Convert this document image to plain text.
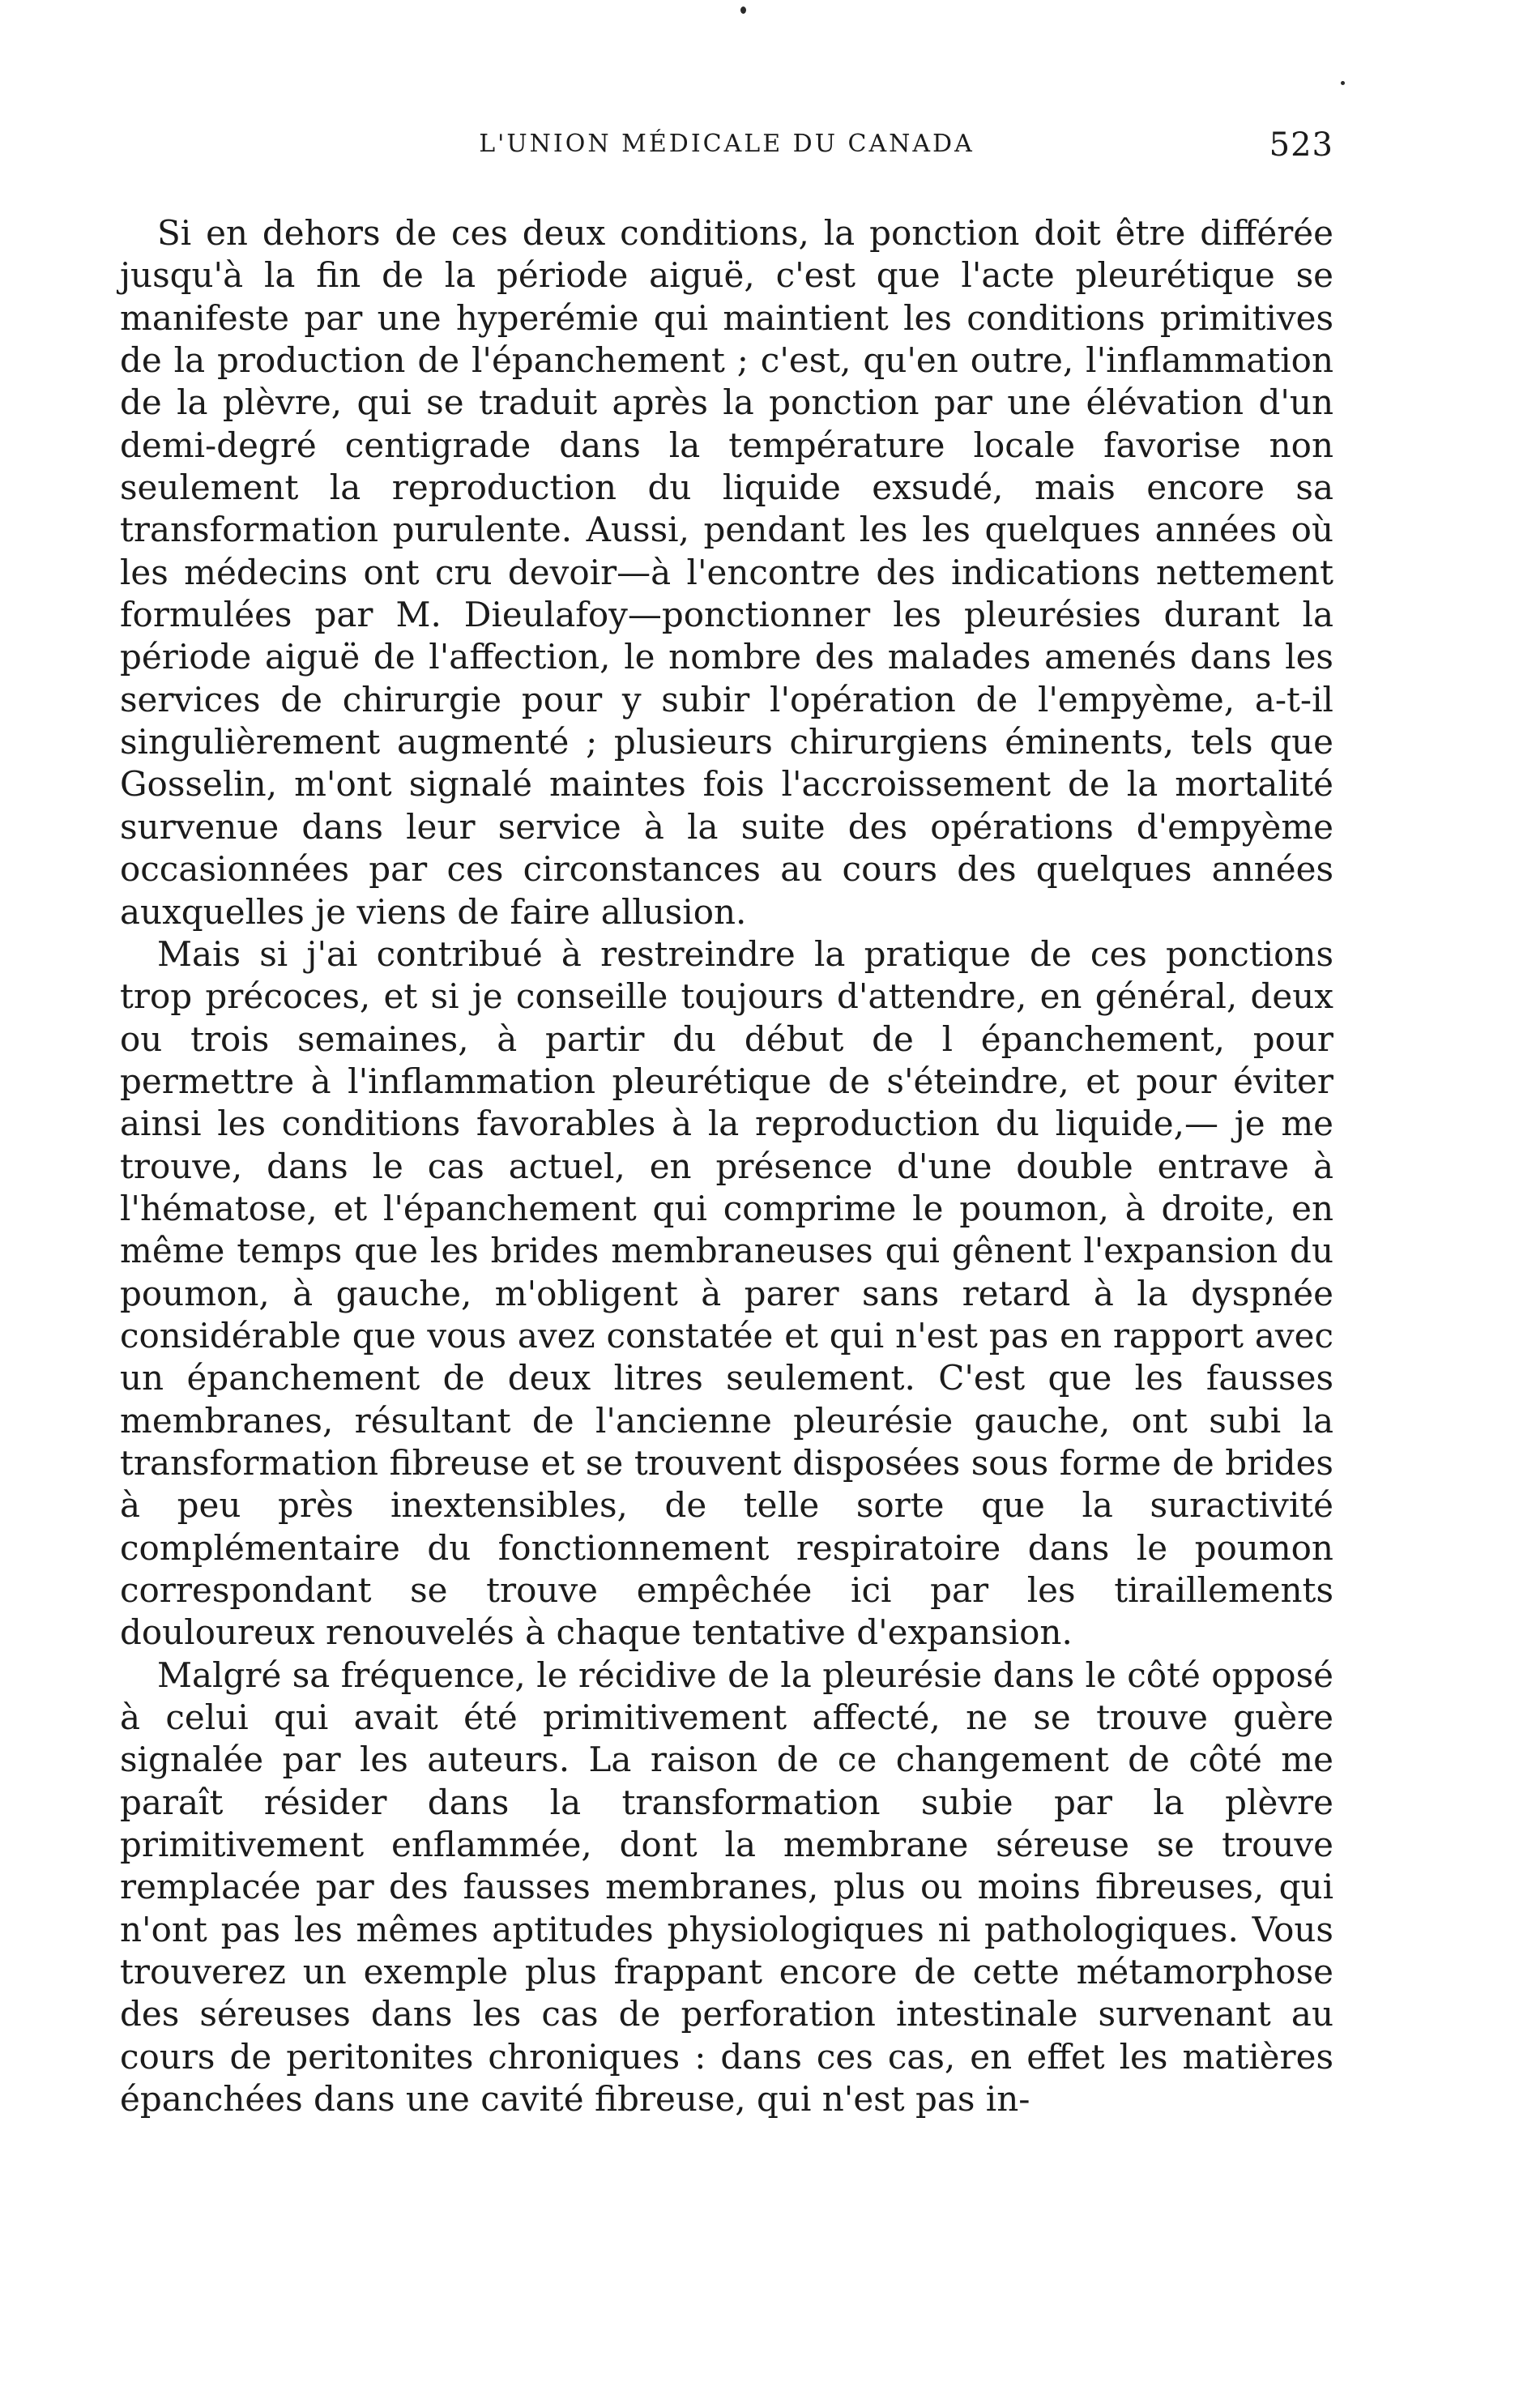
L'UNION MÉDICALE DU CANADA	523

Si en dehors de ces deux conditions, la ponction doit être différée jusqu'à la fin de la période aiguë, c'est que l'acte pleurétique se manifeste par une hyperémie qui maintient les conditions primitives de la production de l'épanchement ; c'est, qu'en outre, l'inflammation de la plèvre, qui se traduit après la ponction par une élévation d'un demi-degré centigrade dans la température locale favorise non seulement la reproduction du liquide exsudé, mais encore sa transformation purulente. Aussi, pendant les les quelques années où les médecins ont cru devoir—à l'encontre des indications nettement formulées par M. Dieulafoy—ponctionner les pleurésies durant la période aiguë de l'affection, le nombre des malades amenés dans les services de chirurgie pour y subir l'opération de l'empyème, a-t-il singulièrement augmenté ; plusieurs chirurgiens éminents, tels que Gosselin, m'ont signalé maintes fois l'accroissement de la mortalité survenue dans leur service à la suite des opérations d'empyème occasionnées par ces circonstances au cours des quelques années auxquelles je viens de faire allusion.

Mais si j'ai contribué à restreindre la pratique de ces ponctions trop précoces, et si je conseille toujours d'attendre, en général, deux ou trois semaines, à partir du début de l épanchement, pour permettre à l'inflammation pleurétique de s'éteindre, et pour éviter ainsi les conditions favorables à la reproduction du liquide,— je me trouve, dans le cas actuel, en présence d'une double entrave à l'hématose, et l'épanchement qui comprime le poumon, à droite, en même temps que les brides membraneuses qui gênent l'expansion du poumon, à gauche, m'obligent à parer sans retard à la dyspnée considérable que vous avez constatée et qui n'est pas en rapport avec un épanchement de deux litres seulement. C'est que les fausses membranes, résultant de l'ancienne pleurésie gauche, ont subi la transformation fibreuse et se trouvent disposées sous forme de brides à peu près inextensibles, de telle sorte que la suractivité complémentaire du fonctionnement respiratoire dans le poumon correspondant se trouve empêchée ici par les tiraillements douloureux renouvelés à chaque tentative d'expansion.

Malgré sa fréquence, le récidive de la pleurésie dans le côté opposé à celui qui avait été primitivement affecté, ne se trouve guère signalée par les auteurs. La raison de ce changement de côté me paraît résider dans la transformation subie par la plèvre primitivement enflammée, dont la membrane séreuse se trouve remplacée par des fausses membranes, plus ou moins fibreuses, qui n'ont pas les mêmes aptitudes physiologiques ni pathologiques. Vous trouverez un exemple plus frappant encore de cette métamorphose des séreuses dans les cas de perforation intestinale survenant au cours de peritonites chroniques : dans ces cas, en effet les matières épanchées dans une cavité fibreuse, qui n'est pas in-
